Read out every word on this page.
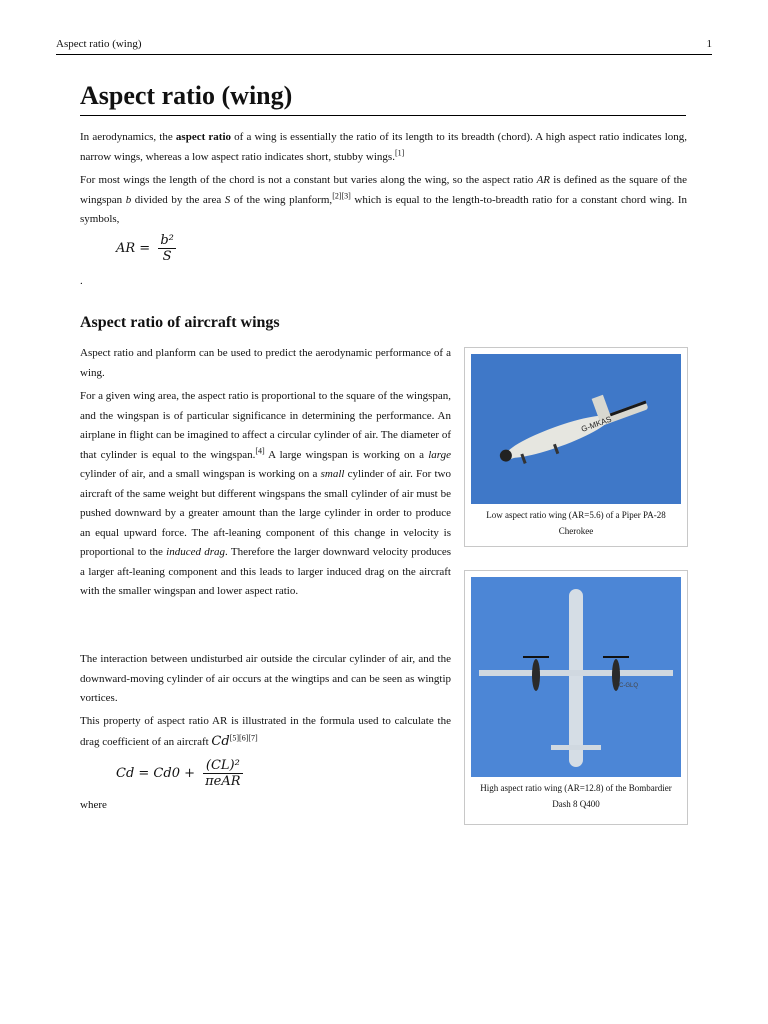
Aspect ratio (wing)	1
Aspect ratio (wing)

In aerodynamics, the aspect ratio of a wing is essentially the ratio of its length to its breadth (chord). A high aspect ratio indicates long, narrow wings, whereas a low aspect ratio indicates short, stubby wings.[1]

For most wings the length of the chord is not a constant but varies along the wing, so the aspect ratio AR is defined as the square of the wingspan b divided by the area S of the wing planform,[2][3] which is equal to the length-to-breadth ratio for a constant chord wing. In symbols,

AR = $\frac{\text{b²}}{S}$
.
Aspect ratio of aircraft wings

Aspect ratio and planform can be used to predict the aerodynamic performance of a wing.

For a given wing area, the aspect ratio is proportional to the square of the wingspan, and the wingspan is of particular significance in determining the performance. An airplane in flight can be imagined to affect a circular cylinder of air. The diameter of that cylinder is equal to the wingspan.[4] A large wingspan is working on a large cylinder of air, and a small wingspan is working on a small cylinder of air. For two aircraft of the same weight but different wingspans the small cylinder of air must be pushed downward by a greater amount than the large cylinder in order to produce an equal upward force. The aft-leaning component of this change in velocity is proportional to the induced drag. Therefore the larger downward velocity produces a larger aft-leaning component and this leads to larger induced drag on the aircraft with the smaller wingspan and lower aspect ratio.

The interaction between undisturbed air outside the circular cylinder of air, and the downward-moving cylinder of air occurs at the wingtips and can be seen as wingtip vortices.

This property of aspect ratio AR is illustrated in the formula used to calculate the drag coefficient of an aircraft Cd[5][6][7]

$Cd = Cd0 + \frac{\text{(CL)²}}{\text{πeAR}}$

where

G-MKAS
Low aspect ratio wing (AR=5.6) of a Piper PA-28 Cherokee
C-GLQ
High aspect ratio wing (AR=12.8) of the Bombardier Dash 8 Q400
